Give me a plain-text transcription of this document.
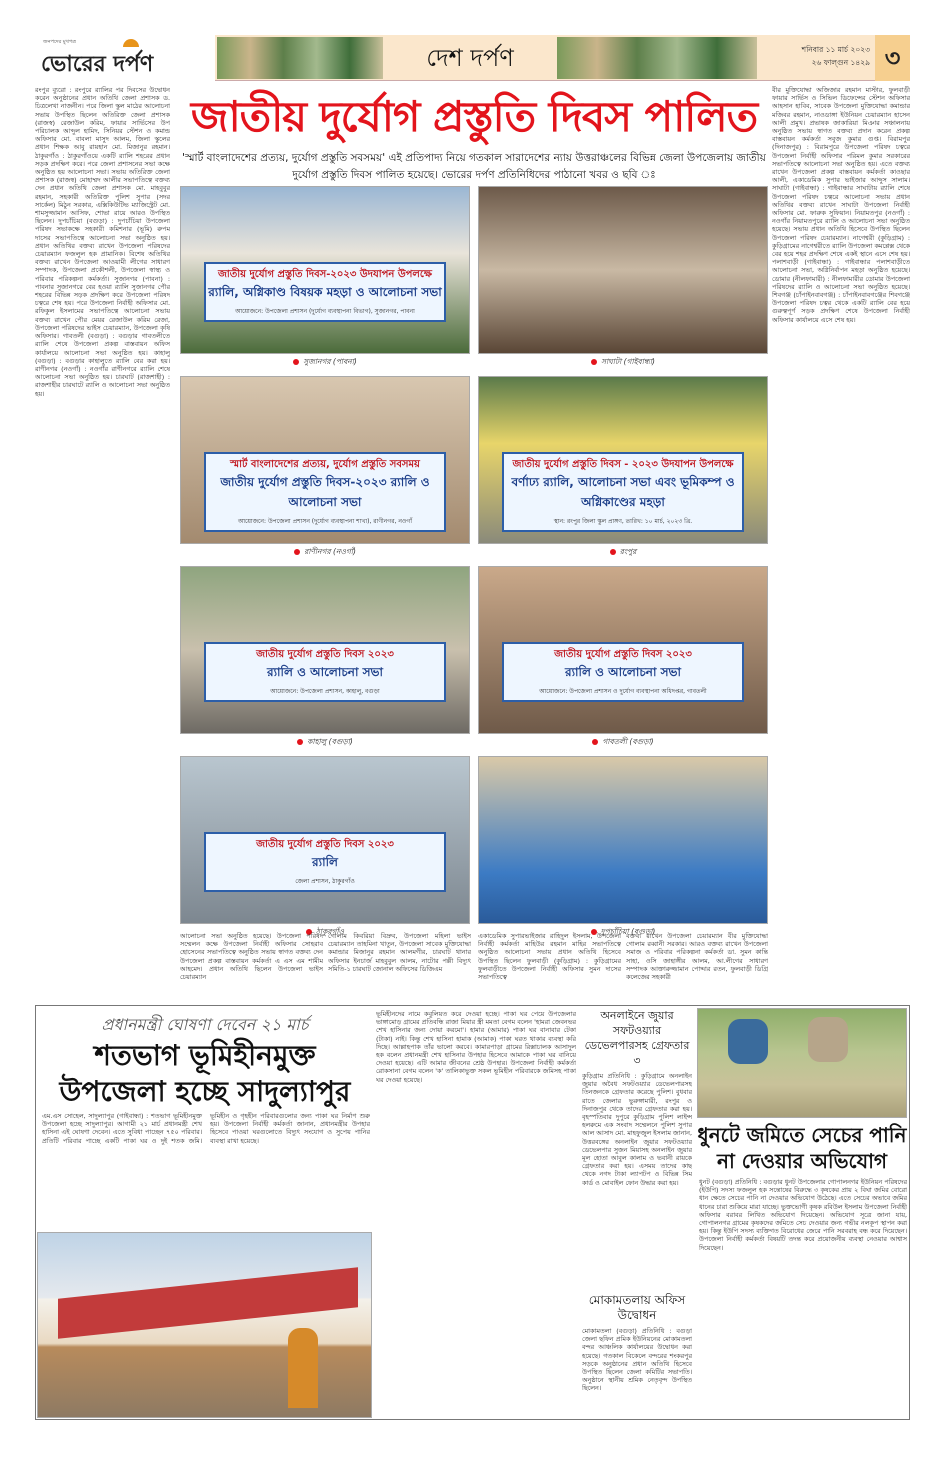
জনপদের মুখপত্র
ভোরের দর্পণ	দেশ দর্পণ	শনিবার ১১ মার্চ ২০২৩
২৬ ফাল্গুন ১৪২৯ ৩
রংপুর ব্যুরো : রংপুরে র‍্যালির পর দিবসের উদ্বোধন করেন অনুষ্ঠানের প্রধান অতিথি জেলা প্রশাসক ড. চিত্রলেখা নাজনীন। পরে জিলা স্কুল মাঠের আলোচনা সভায় উপস্থিত ছিলেন অতিরিক্ত জেলা প্রশাসক (রাজস্ব) রেজাউল করিম, ফায়ার সার্ভিসের উপ পরিচালক আব্দুল হামিদ, সিনিয়র স্টেশন ও কমান্ড অফিসার মো. বাবলা মাসুদ আলম, জিলা স্কুলের প্রধান শিক্ষক আবু রায়হান মো. মিজানুর রহমান। ঠাকুরগাঁও : ঠাকুরগাঁওয়ে একটি র‍্যালি শহরের প্রধান সড়ক প্রদক্ষিণ করে। পরে জেলা প্রশাসনের সভা কক্ষে অনুষ্ঠিত হয় আলোচনা সভা। সভায় অতিরিক্ত জেলা প্রশাসক (রাজস্ব) মোহাম্মদ আলীর সভাপতিত্বে বক্তব্য দেন প্রধান অতিথি জেলা প্রশাসক মো. মাহবুবুর রহমান, সহকারী অতিরিক্ত পুলিশ সুপার (সদর সার্কেল) মিঠুন সরকার, এক্সিকিউটিভ ম্যাজিস্ট্রেট মো. শামসুজ্জামান আসিফ, শোভা রায়ে আরও উপস্থিত ছিলেন। দুপচাঁচিয়া (বগুড়া) : দুপচাঁচিয়া উপজেলা পরিষদ সভাকক্ষে সহকারী কমিশনার (ভূমি) রুপম দাসের সভাপতিত্বে আলোচনা সভা অনুষ্ঠিত হয়। প্রধান অতিথির বক্তব্য রাখেন উপজেলা পরিষদের চেয়ারম্যান ফজলুল হক প্রামানিক। বিশেষ অতিথির বক্তব্য রাখেন উপজেলা আওয়ামী লীগের সাধারণ সম্পাদক, উপজেলা প্রকৌশলী, উপজেলা স্বাস্থ্য ও পরিবার পরিকল্পনা কর্মকর্তা। সুজানগর (পাবনা) : পাবনার সুজানগরে বের হওয়া র‍্যালি সুজানগর পৌর শহরের বিভিন্ন সড়ক প্রদক্ষিণ করে উপজেলা পরিষদ চত্বরে শেষ হয়। পরে উপজেলা নির্বাহী অফিসার মো. রফিকুল ইসলামের সভাপতিত্বে আলোচনা সভায় বক্তব্য রাখেন পৌর মেয়র রেজাউল করিম রেজা, উপজেলা পরিষদের ভাইস চেয়ারম্যান, উপজেলা কৃষি অফিসার। গাবতলী (বগুড়া) : বগুড়ার গাবতলীতে র‍্যালি শেষে উপজেলা প্রকল্প বাস্তবায়ন অফিস কার্যালয়ে আলোচনা সভা অনুষ্ঠিত হয়। কাহালু (বগুড়া) : বগুড়ার কাহালুতে র‍্যালি বের করা হয়। রাণীনগর (নওগাঁ) : নওগাঁর রাণীনগরে র‍্যালি শেষে আলোচনা সভা অনুষ্ঠিত হয়। চারঘাট (রাজশাহী) : রাজশাহীর চারঘাটে র‍্যালি ও আলোচনা সভা অনুষ্ঠিত হয়।
বীর মুক্তিযোদ্ধা অজিজার রহমান মাস্টার, ফুলবাড়ী ফায়ার সার্ভিস ও সিভিল ডিফেন্সের স্টেশন অফিসার আহসান হাবিব, সাবেক উপজেলা মুক্তিযোদ্ধা কমান্ডার মজিবর রহমান, নাওডাঙ্গা ইউনিয়ন চেয়ারম্যান হাসেন আলী প্রমুখ। প্রভাষক জাকারিয়া মিঞার সঞ্চালনায় অনুষ্ঠিত সভায় স্বাগত বক্তব্য প্রদান করেন প্রকল্প বাস্তবায়ন কর্মকর্তা সবুজ কুমার গুপ্ত। বিরামপুর (দিনাজপুর) : বিরামপুরে উপজেলা পরিষদ চত্বরে উপজেলা নির্বাহী অফিসার পরিমল কুমার সরকারের সভাপতিত্বে আলোচনা সভা অনুষ্ঠিত হয়। এতে বক্তব্য রাখেন উপজেলা প্রকল্প বাস্তবায়ন কর্মকর্তা কাওছার আলী, একাডেমিক সুপার ভাইজার আব্দুস সালাম। সাঘাটা (গাইবান্ধা) : গাইবান্ধার সাঘাটায় র‍্যালি শেষে উপজেলা পরিষদ চত্বরে আলোচনা সভায় প্রধান অতিথির বক্তব্য রাখেন সাঘাটা উপজেলা নির্বাহী অফিসার মো. ফারুক সুফিয়ান। নিয়ামতপুর (নওগাঁ) : নওগাঁর নিয়ামতপুরে র‍্যালি ও আলোচনা সভা অনুষ্ঠিত হয়েছে। সভায় প্রধান অতিথি হিসেবে উপস্থিত ছিলেন উপজেলা পরিষদ চেয়ারম্যান। নাগেশ্বরী (কুড়িগ্রাম) : কুড়িগ্রামের নাগেশ্বরীতে র‍্যালি উপজেলা কমপ্লেক্স থেকে বের হয়ে শহর প্রদক্ষিণ শেষে একই স্থানে এসে শেষ হয়। পলাশবাড়ী (গাইবান্ধা) : গাইবান্ধার পলাশবাড়ীতে আলোচনা সভা, অগ্নিনির্বাপন মহড়া অনুষ্ঠিত হয়েছে। ডোমার (নীলফামারী) : নীলফামারীর ডোমার উপজেলা পরিষদের র‍্যালি ও আলোচনা সভা অনুষ্ঠিত হয়েছে। শিবগঞ্জ (চাঁপাইনবাবগঞ্জ) : চাঁপাইনবাবগঞ্জের শিবগঞ্জে উপজেলা পরিষদ চত্বর থেকে একটি র‍্যালি বের হয়ে গুরুত্বপূর্ণ সড়ক প্রদক্ষিণ শেষে উপজেলা নির্বাহী অফিসার কার্যালয়ে এসে শেষ হয়।
জাতীয় দুর্যোগ প্রস্তুতি দিবস পালিত
'স্মার্ট বাংলাদেশের প্রত্যয়, দুর্যোগ প্রস্তুতি সবসময়' এই প্রতিপাদ্য নিয়ে গতকাল সারাদেশের ন্যায় উত্তরাঞ্চলের বিভিন্ন জেলা উপজেলায় জাতীয় দুর্যোগ প্রস্তুতি দিবস পালিত হয়েছে। ভোরের দর্পণ প্রতিনিধিদের পাঠানো খবর ও ছবি ঃ
জাতীয় দুর্যোগ প্রস্তুতি দিবস-২০২৩ উদযাপন উপলক্ষে
র‍্যালি, অগ্নিকাণ্ড বিষয়ক মহড়া ও আলোচনা সভা
আয়োজনে: উপজেলা প্রশাসন (দুর্যোগ ব্যবস্থাপনা বিভাগ), সুজানগর, পাবনা
সুজানগর (পাবনা)	সাঘাটা (গাইবান্ধা)
স্মার্ট বাংলাদেশের প্রত্যয়, দুর্যোগ প্রস্তুতি সবসময়
জাতীয় দুর্যোগ প্রস্তুতি দিবস-২০২৩ র‍্যালি ও আলোচনা সভা
আয়োজনে: উপজেলা প্রশাসন (দুর্যোগ ব্যবস্থাপনা শাখা), রাণীনগর, নওগাঁ
রাণীনগর (নওগাঁ)
জাতীয় দুর্যোগ প্রস্তুতি দিবস - ২০২৩ উদযাপন উপলক্ষে
বর্ণাঢ্য র‍্যালি, আলোচনা সভা এবং ভূমিকম্প ও অগ্নিকাণ্ডের মহড়া
স্থান: রংপুর জিলা স্কুল প্রাঙ্গণ, তারিখ: ১০ মার্চ, ২০২৩ খ্রি.
রংপুর
জাতীয় দুর্যোগ প্রস্তুতি দিবস ২০২৩
র‍্যালি ও আলোচনা সভা
আয়োজনে: উপজেলা প্রশাসন, কাহালু, বগুড়া
কাহালু (বগুড়া)
জাতীয় দুর্যোগ প্রস্তুতি দিবস ২০২৩
র‍্যালি ও আলোচনা সভা
আয়োজনে: উপজেলা প্রশাসন ও দুর্যোগ ব্যবস্থাপনা অধিদপ্তর, গাবতলী
গাবতলী (বগুড়া)
জাতীয় দুর্যোগ প্রস্তুতি দিবস ২০২৩
র‍্যালি
জেলা প্রশাসন, ঠাকুরগাঁও
ঠাকুরগাঁও	দুপচাঁচিয়া (বগুড়া)
আলোচনা সভা অনুষ্ঠিত হয়েছে। উপজেলা পরিষদ সম্মেলন কক্ষে উপজেলা নির্বাহী অফিসার সোহরাব হোসেনের সভাপতিত্বে অনুষ্ঠিত সভায় স্বাগত বক্তব্য দেন উপজেলা প্রকল্প বাস্তবায়ন কর্মকর্তা এ এস এম শামীম আহমেদ। প্রধান অতিথি ছিলেন উপজেলা ভাইস চেয়ারম্যান
গোলাম কিবরিয়া বিদ্রুব, উপজেলা মহিলা ভাইস চেয়ারম্যান তাহমিনা খাতুন, উপজেলা সাবেক মুক্তিযোদ্ধা কমান্ডার মিজানুর রহমান আলমগীর, চারঘাট থানার অফিসার ইনচার্জ মাহবুবুল আলম, নাটোর পল্লী বিদ্যুৎ সমিতি-১ চারঘাট জোনাল অফিসের ডিজিএম
একাডেমিক সুপারভাইজার রাহিদুল ইসলাম, উপজেলা নির্বাহী কর্মকর্তা মাহিউর রহমান মাহির সভাপতিত্বে অনুষ্ঠিত আলোচনা সভায় প্রধান অতিথি হিসেবে উপস্থিত ছিলেন ফুলবাড়ী (কুড়িগ্রাম) : কুড়িগ্রামের ফুলবাড়ীতে উপজেলা নির্বাহী অফিসার সুমন দাসের সভাপতিত্বে
বক্তব্য রাখেন উপজেলা চেয়ারম্যান বীর মুক্তিযোদ্ধা গোলাম রব্বানী সরকার। আরও বক্তব্য রাখেন উপজেলা সমাজ ও পরিবার পরিকল্পনা কর্মকর্তা ডা. সুমন কান্তি সাহা, ওসি জাহাঙ্গীর আলম, আ.লীগের সাধারণ সম্পাদক আক্তারুজ্জামান পোদ্দার রতন, ফুলবাড়ী ডিগ্রি কলেজের সহকারী
প্রধানমন্ত্রী ঘোষণা দেবেন ২১ মার্চ
শতভাগ ভূমিহীনমুক্ত উপজেলা হচ্ছে সাদুল্যাপুর
এম.এস সোহেল, সাদুল্যাপুর (গাইবান্ধা) : শতভাগ ভূমিহীনমুক্ত উপজেলা হচ্ছে সাদুল্যাপুর। আগামী ২১ মার্চ প্রধানমন্ত্রী শেখ হাসিনা এই ঘোষণা দেবেন। এতে সুবিধা পাচ্ছেন ৭৫০ পরিবার। প্রতিটি পরিবার পাচ্ছে একটি পাকা ঘর ও দুই শতক জমি। ভূমিহীন ও গৃহহীন পরিবারগুলোর জন্য পাকা ঘর নির্মাণ শুরু হয়। উপজেলা নির্বাহী কর্মকর্তা জানান, প্রধানমন্ত্রীর উপহার হিসেবে পাওয়া ঘরগুলোতে বিদ্যুৎ সংযোগ ও সুপেয় পানির ব্যবস্থা রাখা হয়েছে।
ভূমিহীনদের নামে কবুলিয়ত করে দেওয়া হচ্ছে। পাকা ঘর পেয়ে উপজেলার ভাঙ্গামোড় গ্রামের প্রতিবন্ধি রাজা মিয়ার স্ত্রী মমতা বেগম বলেন 'হামরা জেবনভর শেখ হাসিনার জন্য দোয়া করমো'। হামার (আমার) পাকা ঘর বানাবার টেকা (টাকা) নাই। কিন্তু শেখ হাসিনা হামাক (আমাক) পাকা ঘরত থাকার ব্যবস্থা করি দিছে। আল্লাহপাক তাঁর ভালো করবে। কামারপাড়া গ্রামের রিক্সাচালক আসাদুল হক বলেন প্রধানমন্ত্রী শেখ হাসিনার উপহার হিসেবে আমাকে পাকা ঘর বানিয়ে দেওয়া হয়েছে। এটি আমার জীবনের শ্রেষ্ঠ উপহার। উপজেলা নির্বাহী কর্মকর্তা রোকসানা বেগম বলেন 'ক' তালিকাভুক্ত সকল ভূমিহীন পরিবারকে জমিসহ পাকা ঘর দেওয়া হয়েছে।
অনলাইনে জুয়ার সফটওয়্যার ডেভেলপারসহ গ্রেফতার ৩
কুড়িগ্রাম প্রতিনিধি : কুড়িগ্রামে অনলাইন জুয়ার অবৈধ সফটওয়্যার ডেভেলপারসহ তিনজনকে গ্রেফতার করেছে পুলিশ। বুধবার রাতে জেলার ভুরুঙ্গামারী, রংপুর ও দিনাজপুর থেকে তাদের গ্রেফতার করা হয়। বৃহস্পতিবার দুপুরে কুড়িগ্রাম পুলিশ লাইন্স হলরুমে এক সংবাদ সম্মেলনে পুলিশ সুপার আল আসাদ মো. মাহফুজুল ইসলাম জানান, উত্তরবঙ্গের অনলাইন জুয়ার সফটওয়্যার ডেভেলপার সুজন মিয়াসহ অনলাইন জুয়ার মূল হোতা আবুল কালাম ও ভবানী রায়কে গ্রেফতার করা হয়। এসময় তাদের কাছ থেকে নগদ টাকা ল্যাপটপ ও বিভিন্ন সিম কার্ড ও মোবাইল ফোন উদ্ধার করা হয়।
মোকামতলায় অফিস উদ্বোধন
মোকামতলা (বগুড়া) প্রতিনিধি : বগুড়া জেলা ছফিন প্রমিক ইউনিয়নের মোকামতলা বন্দর আঞ্চলিক কার্যালয়ের উদ্বোধন করা হয়েছে। গতকাল বিকেলে বন্দরের শংকরপুর সড়কে অনুষ্ঠানের প্রধান অতিথি হিসেবে উপস্থিত ছিলেন জেলা কমিটির সভাপতি। অনুষ্ঠানে স্থানীয় শ্রমিক নেতৃবৃন্দ উপস্থিত ছিলেন।
ধুনটে জমিতে সেচের পানি না দেওয়ার অভিযোগ
ধুনট (বগুড়া) প্রতিনিধি : বগুড়ার ধুনট উপজেলার গোপালনগর ইউনিয়ন পরিষদের (ইউপি) সদস্য ফজলুল হক সন্তোষের বিরুদ্ধে ৩ কৃষকের প্রায় ২ বিঘা জমির বোরো ধান ক্ষেতে সেচের পানি না দেওয়ার অভিযোগ উঠেছে। এতে সেচের অভাবে জমির ধানের চারা শুকিয়ে মারা যাচ্ছে। ভুক্তভোগী কৃষক রবিউল ইসলাম উপজেলা নির্বাহী অফিসার বরাবর লিখিত অভিযোগ দিয়েছেন। অভিযোগ সূত্রে জানা যায়, গোপালনগর গ্রামের কৃষকদের জমিতে সেচ দেওয়ার জন্য গভীর নলকূপ স্থাপন করা হয়। কিন্তু ইউপি সদস্য ব্যক্তিগত বিরোধের জেরে পানি সরবরাহ বন্ধ করে দিয়েছেন। উপজেলা নির্বাহী কর্মকর্তা বিষয়টি তদন্ত করে প্রয়োজনীয় ব্যবস্থা নেওয়ার আশ্বাস দিয়েছেন।
